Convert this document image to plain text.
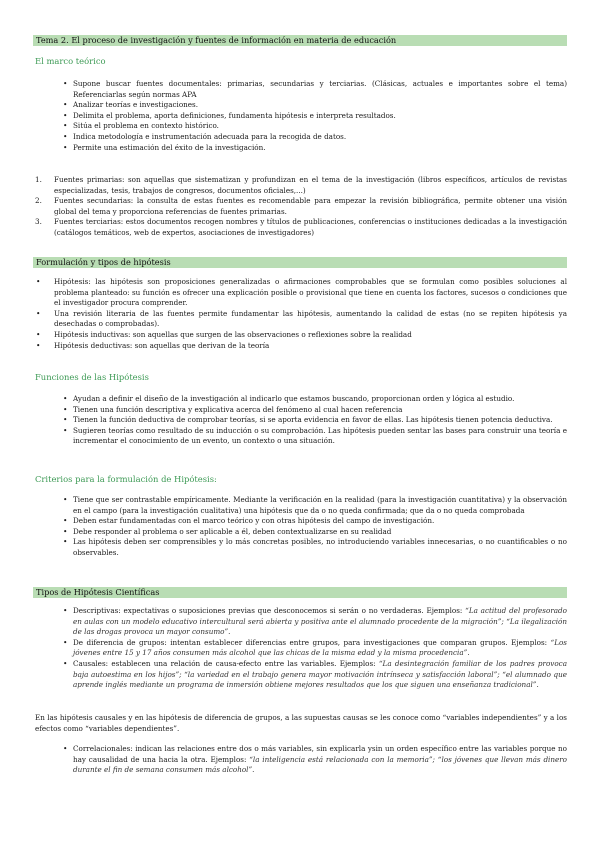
Tema 2. El proceso de investigación y fuentes de información en materia de educación
El marco teórico
• Supone buscar fuentes documentales: primarias, secundarias y terciarias. (Clásicas, actuales e importantes sobre el tema) Referenciarlas según normas APA
• Analizar teorías e investigaciones.
• Delimita el problema, aporta definiciones, fundamenta hipótesis e interpreta resultados.
• Sitúa el problema en contexto histórico.
• Indica metodología e instrumentación adecuada para la recogida de datos.
• Permite una estimación del éxito de la investigación.
1. Fuentes primarias: son aquellas que sistematizan y profundizan en el tema de la investigación (libros específicos, artículos de revistas especializadas, tesis, trabajos de congresos, documentos oficiales,...)
2. Fuentes secundarias: la consulta de estas fuentes es recomendable para empezar la revisión bibliográfica, permite obtener una visión global del tema y proporciona referencias de fuentes primarias.
3. Fuentes terciarias: estos documentos recogen nombres y títulos de publicaciones, conferencias o instituciones dedicadas a la investigación (catálogos temáticos, web de expertos, asociaciones de investigadores)
Formulación y tipos de hipótesis
• Hipótesis: las hipótesis son proposiciones generalizadas o afirmaciones comprobables que se formulan como posibles soluciones al problema planteado: su función es ofrecer una explicación posible o provisional que tiene en cuenta los factores, sucesos o condiciones que el investigador procura comprender.
• Una revisión literaria de las fuentes permite fundamentar las hipótesis, aumentando la calidad de estas (no se repiten hipótesis ya desechadas o comprobadas).
• Hipótesis inductivas: son aquellas que surgen de las observaciones o reflexiones sobre la realidad
• Hipótesis deductivas: son aquellas que derivan de la teoría
Funciones de las Hipótesis
• Ayudan a definir el diseño de la investigación al indicarlo que estamos buscando, proporcionan orden y lógica al estudio.
• Tienen una función descriptiva y explicativa acerca del fenómeno al cual hacen referencia
• Tienen la función deductiva de comprobar teorías, si se aporta evidencia en favor de ellas. Las hipótesis tienen potencia deductiva.
• Sugieren teorías como resultado de su inducción o su comprobación. Las hipótesis pueden sentar las bases para construir una teoría e incrementar el conocimiento de un evento, un contexto o una situación.
Criterios para la formulación de Hipótesis:
• Tiene que ser contrastable empíricamente. Mediante la verificación en la realidad (para la investigación cuantitativa) y la observación en el campo (para la investigación cualitativa) una hipótesis que da o no queda confirmada; que da o no queda comprobada
• Deben estar fundamentadas con el marco teórico y con otras hipótesis del campo de investigación.
• Debe responder al problema o ser aplicable a él, deben contextualizarse en su realidad
• Las hipótesis deben ser comprensibles y lo más concretas posibles, no introduciendo variables innecesarias, o no cuantificables o no observables.
Tipos de Hipótesis Científicas
• Descriptivas: expectativas o suposiciones previas que desconocemos si serán o no verdaderas. Ejemplos: “La actitud del profesorado en aulas con un modelo educativo intercultural será abierta y positiva ante el alumnado procedente de la migración”; “La ilegalización de las drogas provoca un mayor consumo”.
• De diferencia de grupos: intentan establecer diferencias entre grupos, para investigaciones que comparan grupos. Ejemplos: “Los jóvenes entre 15 y 17 años consumen más alcohol que las chicas de la misma edad y la misma procedencia”.
• Causales: establecen una relación de causa-efecto entre las variables. Ejemplos: “La desintegración familiar de los padres provoca baja autoestima en los hijos”; “la variedad en el trabajo genera mayor motivación intrínseca y satisfacción laboral”; “el alumnado que aprende inglés mediante un programa de inmersión obtiene mejores resultados que los que siguen una enseñanza tradicional”.
En las hipótesis causales y en las hipótesis de diferencia de grupos, a las supuestas causas se les conoce como “variables independientes” y a los efectos como “variables dependientes”.
• Correlacionales: indican las relaciones entre dos o más variables, sin explicarla ysin un orden específico entre las variables porque no hay causalidad de una hacia la otra. Ejemplos: “la inteligencia está relacionada con la memoria”; “los jóvenes que llevan más dinero durante el fin de semana consumen más alcohol”.
